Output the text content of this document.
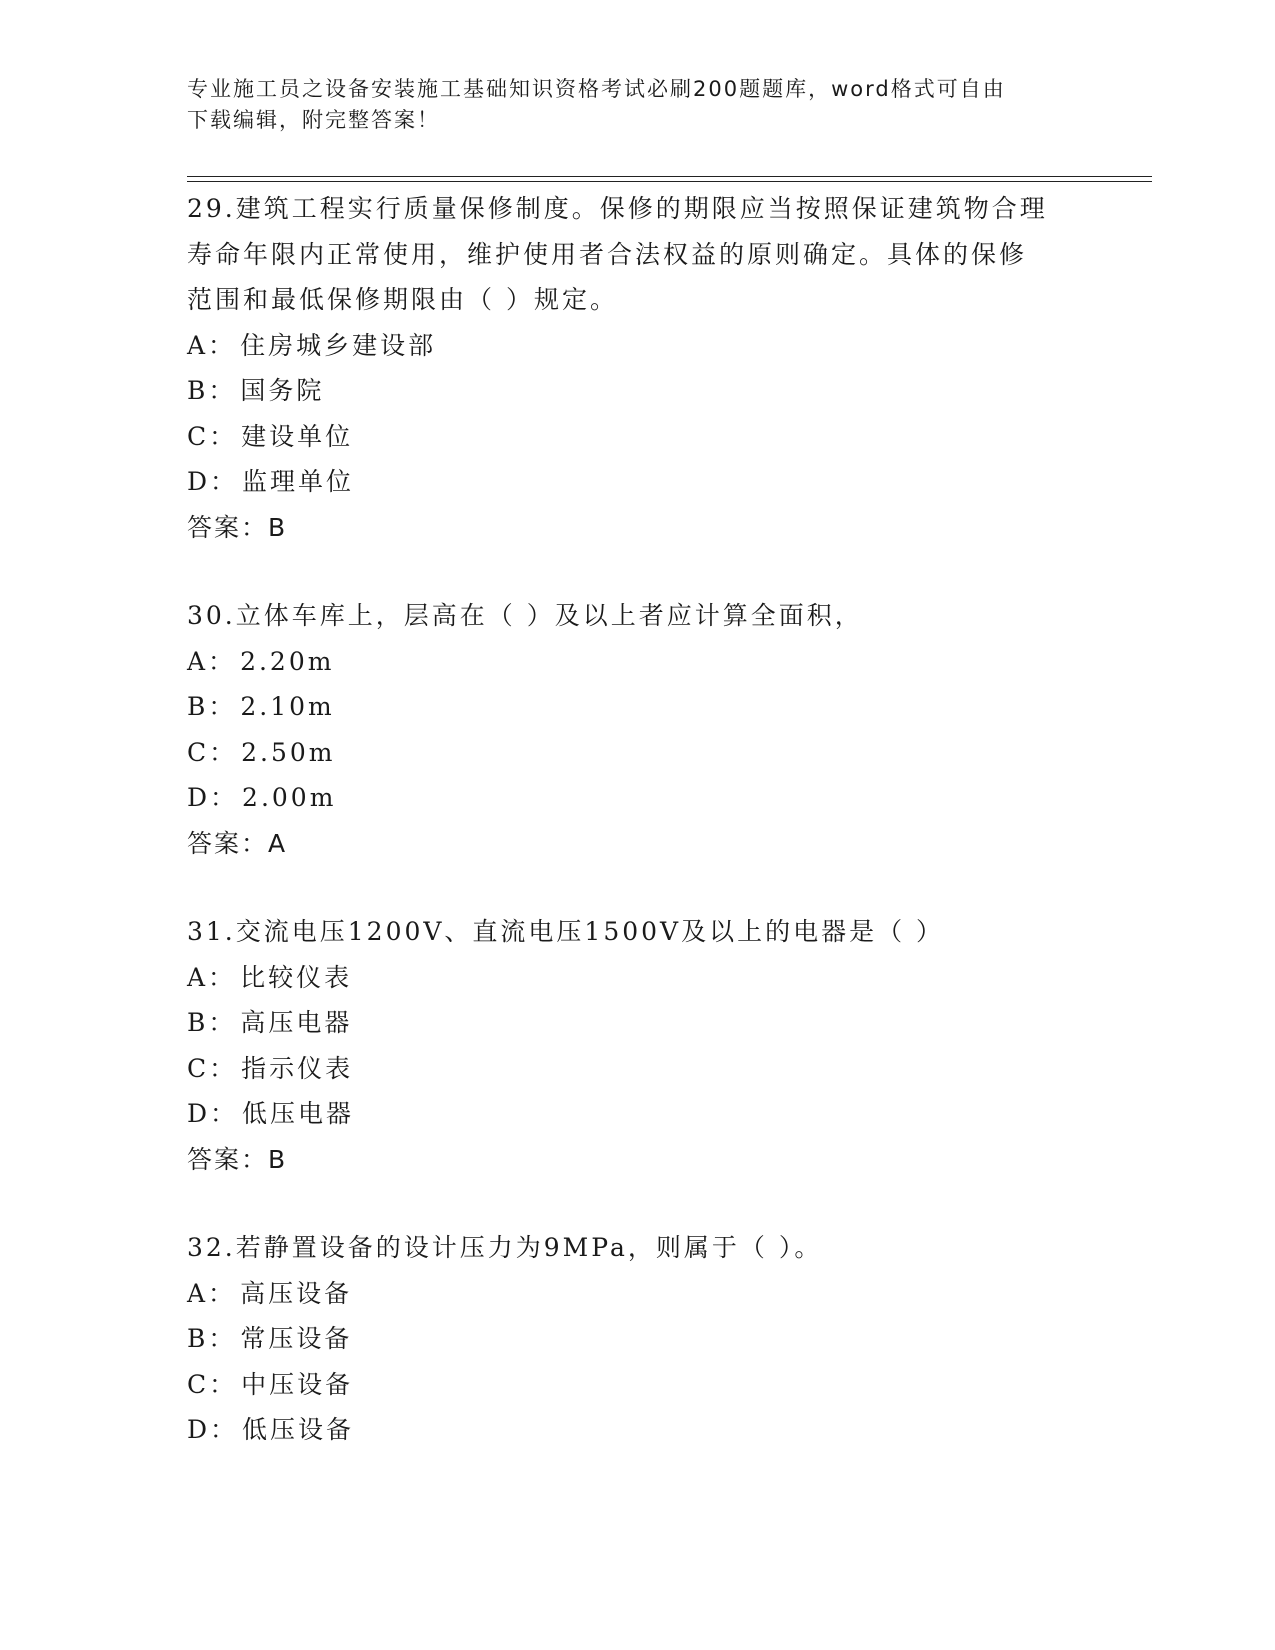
专业施工员之设备安装施工基础知识资格考试必刷200题题库，word格式可自由
下载编辑，附完整答案！
29.建筑工程实行质量保修制度。保修的期限应当按照保证建筑物合理
寿命年限内正常使用，维护使用者合法权益的原则确定。具体的保修
范围和最低保修期限由（ ）规定。
A： 住房城乡建设部
B： 国务院
C： 建设单位
D： 监理单位
答案：B
30.立体车库上，层高在（ ）及以上者应计算全面积，
A： 2.20m
B： 2.10m
C： 2.50m
D： 2.00m
答案：A
31.交流电压1200V、直流电压1500V及以上的电器是（ ）
A： 比较仪表
B： 高压电器
C： 指示仪表
D： 低压电器
答案：B
32.若静置设备的设计压力为9MPa，则属于（ ）。
A： 高压设备
B： 常压设备
C： 中压设备
D： 低压设备
